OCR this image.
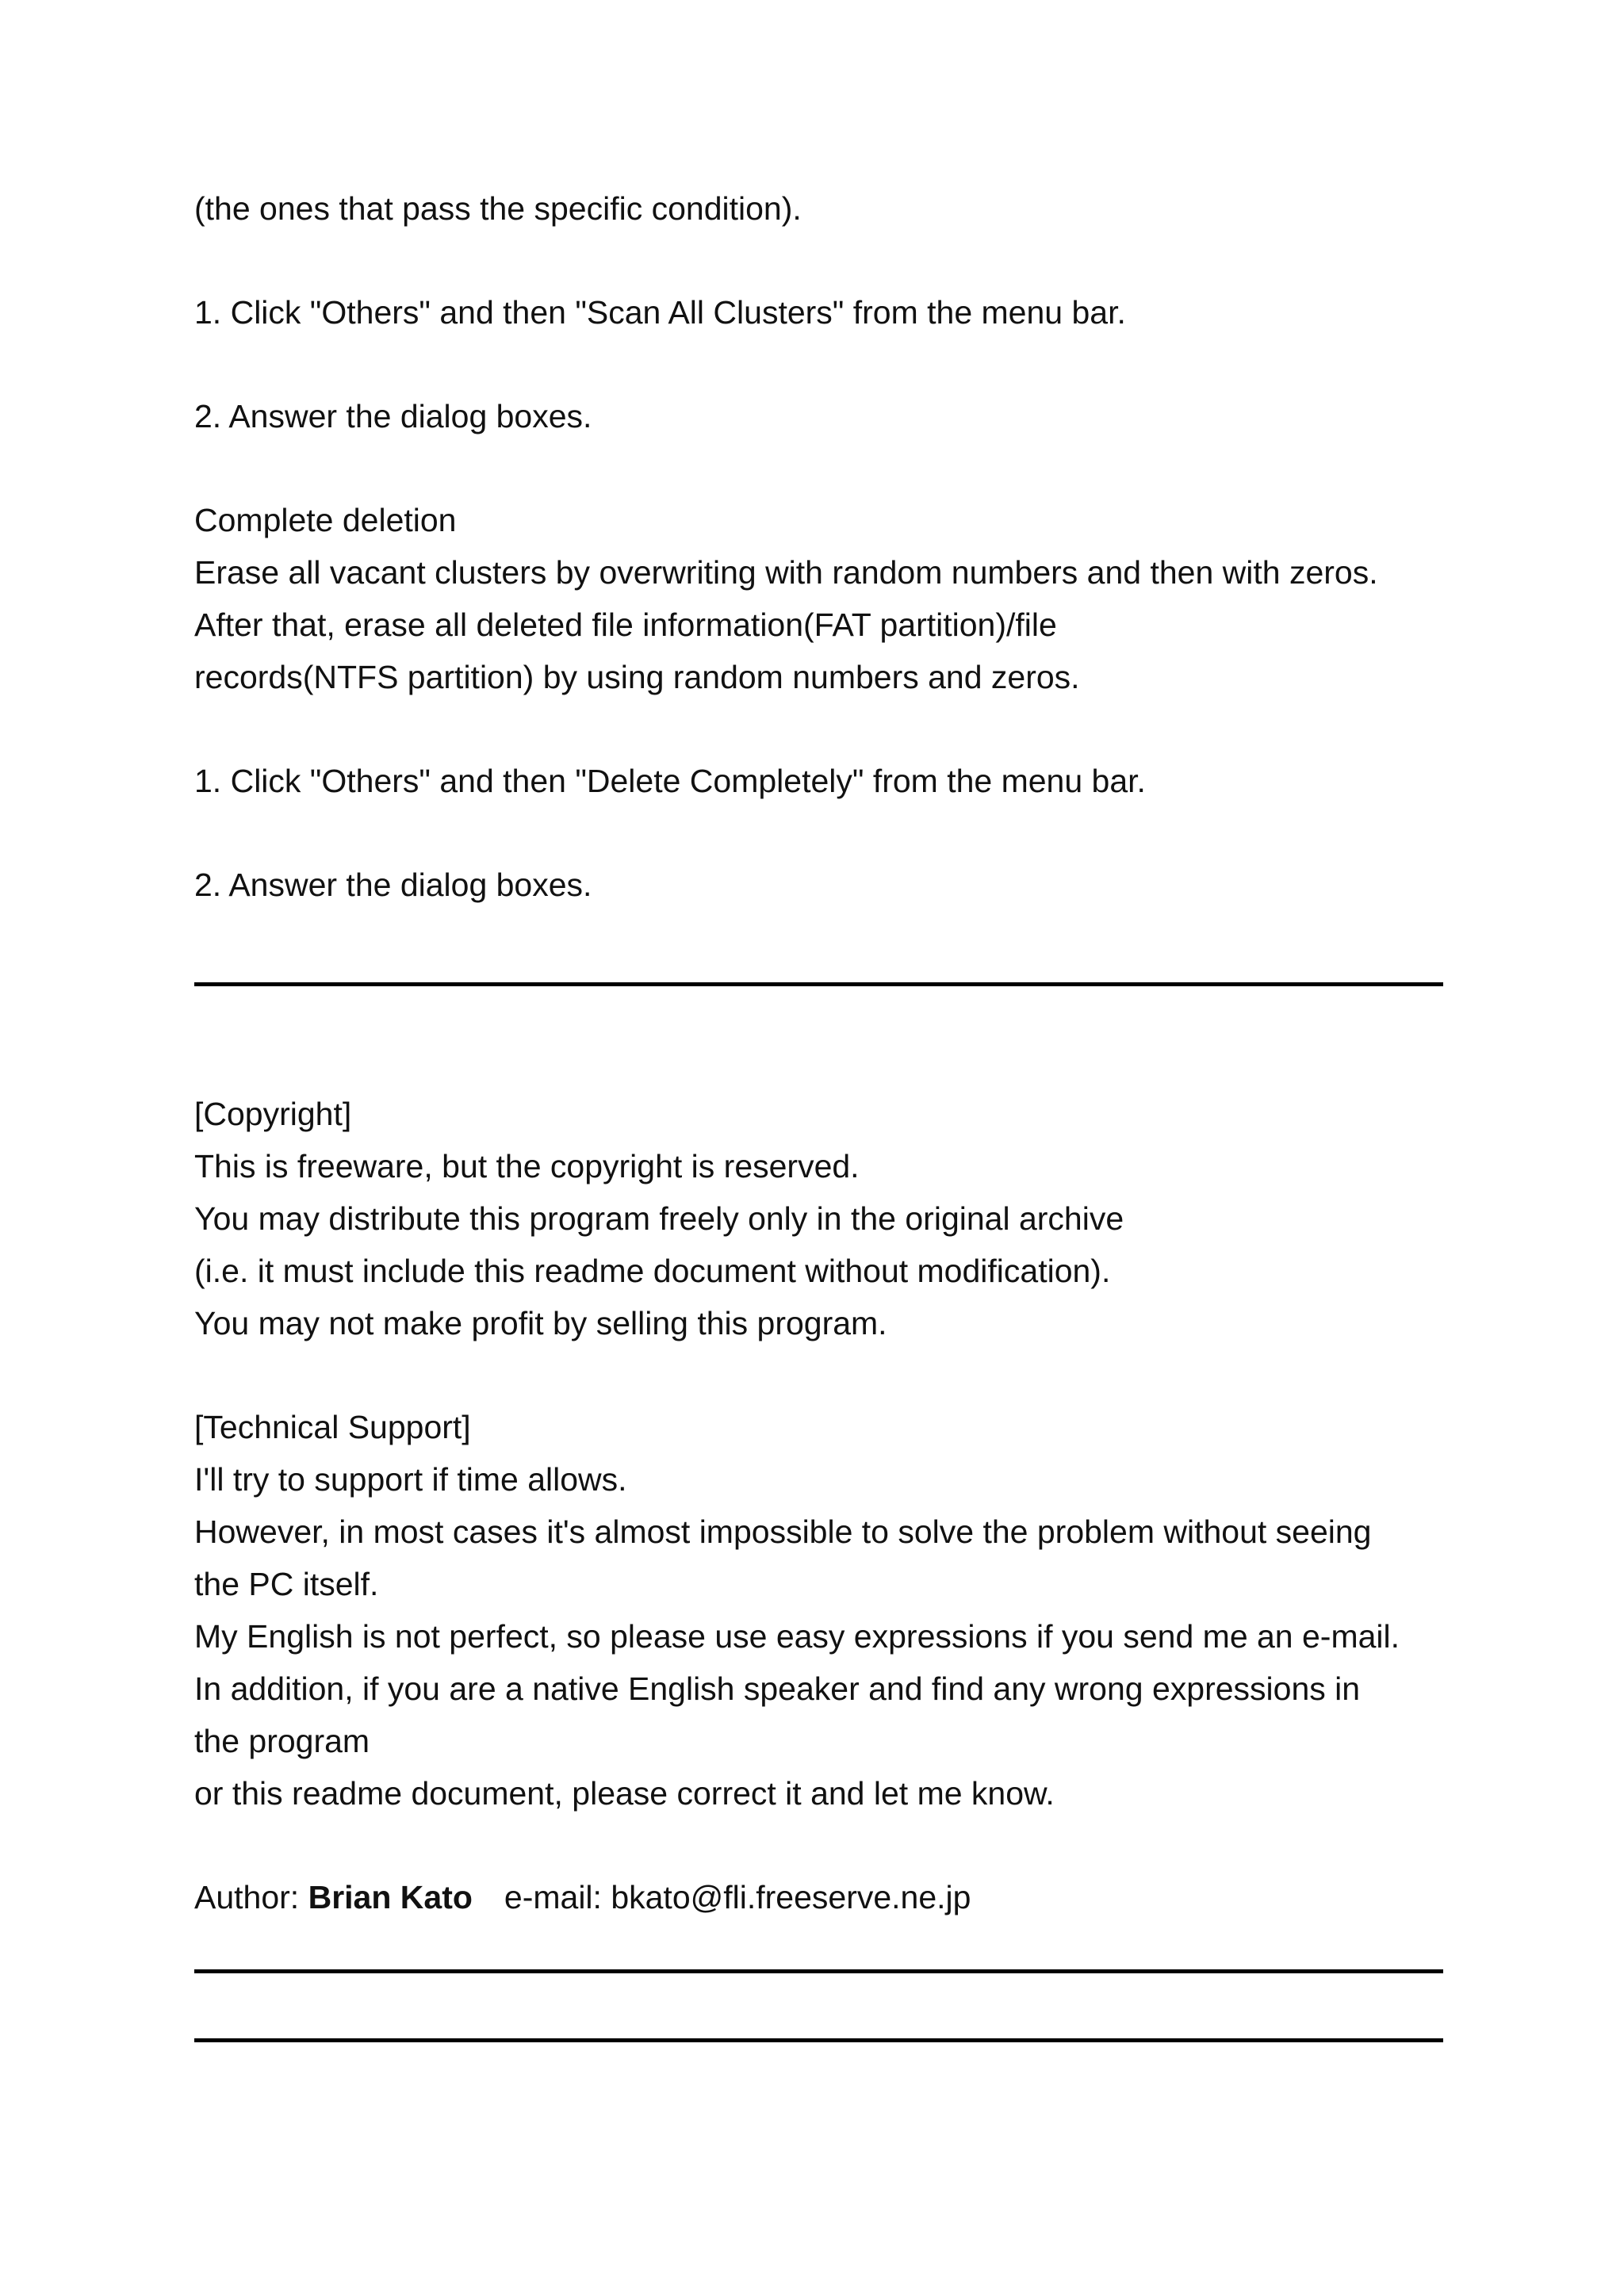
(the ones that pass the specific condition).
1. Click "Others" and then "Scan All Clusters" from the menu bar.
2. Answer the dialog boxes.
Complete deletion
Erase all vacant clusters by overwriting with random numbers and then with zeros.
After that, erase all deleted file information(FAT partition)/file
records(NTFS partition) by using random numbers and zeros.
1. Click "Others" and then "Delete Completely" from the menu bar.
2. Answer the dialog boxes.
[Copyright]
This is freeware, but the copyright is reserved.
You may distribute this program freely only in the original archive
(i.e. it must include this readme document without modification).
You may not make profit by selling this program.
[Technical Support]
I'll try to support if time allows.
However, in most cases it's almost impossible to solve the problem without seeing
the PC itself.
My English is not perfect, so please use easy expressions if you send me an e-mail.
In addition, if you are a native English speaker and find any wrong expressions in
the program
or this readme document, please correct it and let me know.
Author: Brian Kato e-mail: bkato@fli.freeserve.ne.jp
